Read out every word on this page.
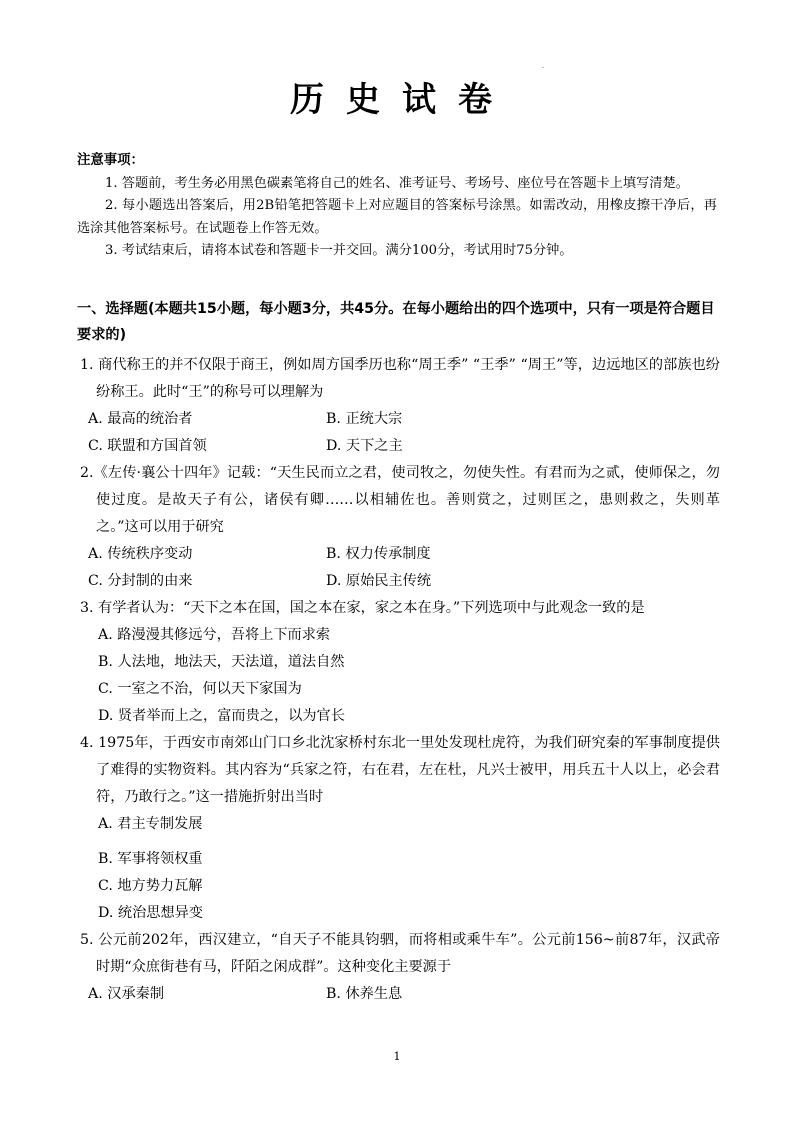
·
历史试卷
注意事项：
1. 答题前，考生务必用黑色碳素笔将自己的姓名、准考证号、考场号、座位号在答题卡上填写清楚。
2. 每小题选出答案后，用2B铅笔把答题卡上对应题目的答案标号涂黑。如需改动，用橡皮擦干净后，再选涂其他答案标号。在试题卷上作答无效。
3. 考试结束后，请将本试卷和答题卡一并交回。满分100分，考试用时75分钟。
一、选择题(本题共15小题，每小题3分，共45分。在每小题给出的四个选项中，只有一项是符合题目要求的)
1. 商代称王的并不仅限于商王，例如周方国季历也称“周王季” “王季” “周王”等，边远地区的部族也纷纷称王。此时“王”的称号可以理解为
A. 最高的统治者	B. 正统大宗
C. 联盟和方国首领	D. 天下之主
2.《左传·襄公十四年》记载：“天生民而立之君，使司牧之，勿使失性。有君而为之贰，使师保之，勿使过度。是故天子有公，诸侯有卿……以相辅佐也。善则赏之，过则匡之，患则救之，失则革之。”这可以用于研究
A. 传统秩序变动	B. 权力传承制度
C. 分封制的由来	D. 原始民主传统
3. 有学者认为：“天下之本在国，国之本在家，家之本在身。”下列选项中与此观念一致的是
A. 路漫漫其修远兮，吾将上下而求索
B. 人法地，地法天，天法道，道法自然
C. 一室之不治，何以天下家国为
D. 贤者举而上之，富而贵之，以为官长
4. 1975年，于西安市南郊山门口乡北沈家桥村东北一里处发现杜虎符，为我们研究秦的军事制度提供了难得的实物资料。其内容为“兵家之符，右在君，左在杜，凡兴士被甲，用兵五十人以上，必会君符，乃敢行之。”这一措施折射出当时
A. 君主专制发展
B. 军事将领权重
C. 地方势力瓦解
D. 统治思想异变
5. 公元前202年，西汉建立，“自天子不能具钧驷，而将相或乘牛车”。公元前156~前87年，汉武帝时期“众庶街巷有马，阡陌之闲成群”。这种变化主要源于
A. 汉承秦制	B. 休养生息
1
